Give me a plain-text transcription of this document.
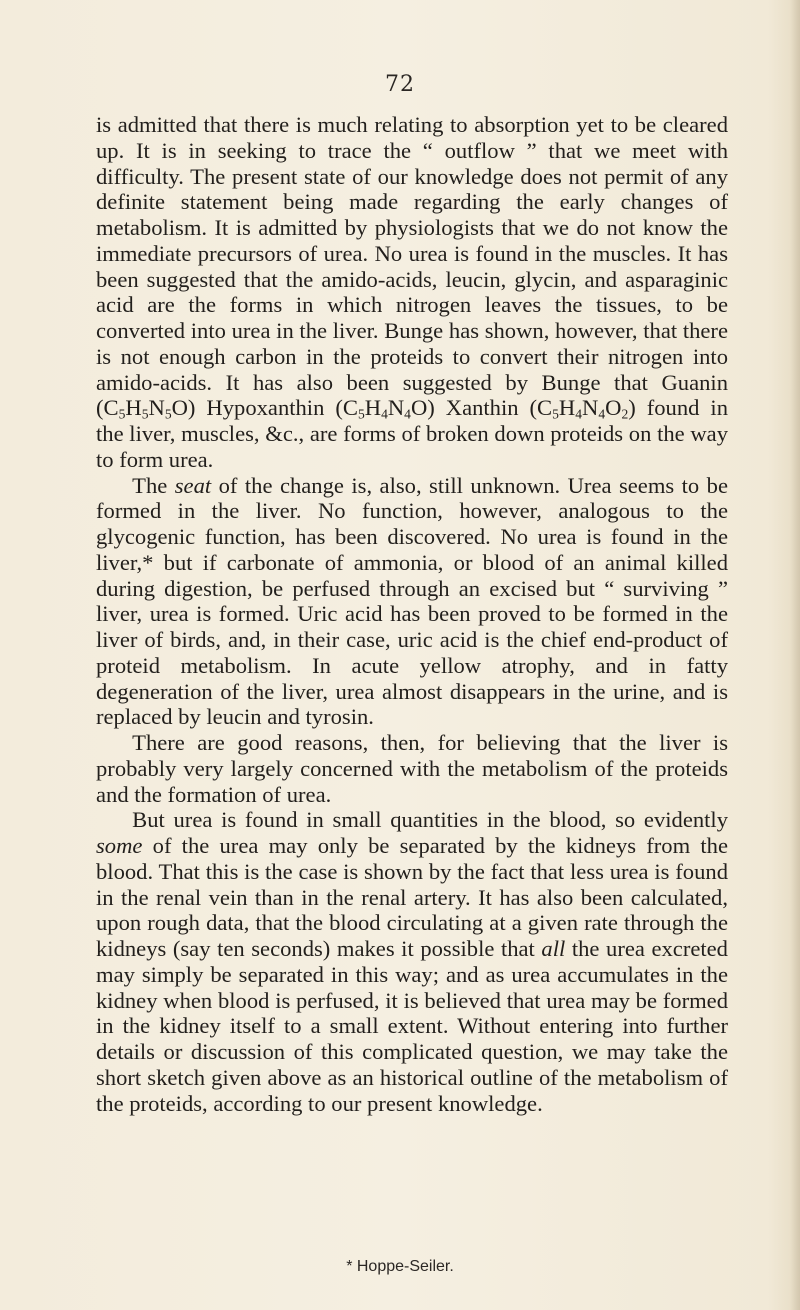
72

is admitted that there is much relating to absorption yet to be cleared up. It is in seeking to trace the “ outflow ” that we meet with difficulty. The present state of our knowledge does not permit of any definite statement being made regarding the early changes of metabolism. It is admitted by physiologists that we do not know the immediate precursors of urea. No urea is found in the muscles. It has been suggested that the amido-acids, leucin, glycin, and asparaginic acid are the forms in which nitrogen leaves the tissues, to be converted into urea in the liver. Bunge has shown, however, that there is not enough carbon in the proteids to convert their nitrogen into amido-acids. It has also been suggested by Bunge that Guanin $(C_5H_5N_5O)$ Hypoxanthin $(C_5H_4N_4O)$ Xanthin $(C_5H_4N_4O_2)$ found in the liver, muscles, &c., are forms of broken down proteids on the way to form urea.

The seat of the change is, also, still unknown. Urea seems to be formed in the liver. No function, however, analogous to the glycogenic function, has been discovered. No urea is found in the liver,* but if carbonate of ammonia, or blood of an animal killed during digestion, be perfused through an excised but “ surviving ” liver, urea is formed. Uric acid has been proved to be formed in the liver of birds, and, in their case, uric acid is the chief end-product of proteid metabolism. In acute yellow atrophy, and in fatty degeneration of the liver, urea almost disappears in the urine, and is replaced by leucin and tyrosin.

There are good reasons, then, for believing that the liver is probably very largely concerned with the metabolism of the proteids and the formation of urea.

But urea is found in small quantities in the blood, so evidently some of the urea may only be separated by the kidneys from the blood. That this is the case is shown by the fact that less urea is found in the renal vein than in the renal artery. It has also been calculated, upon rough data, that the blood circulating at a given rate through the kidneys (say ten seconds) makes it possible that all the urea excreted may simply be separated in this way; and as urea accumulates in the kidney when blood is perfused, it is believed that urea may be formed in the kidney itself to a small extent. Without entering into further details or discussion of this complicated question, we may take the short sketch given above as an historical outline of the metabolism of the proteids, according to our present knowledge.

* Hoppe-Seiler.
